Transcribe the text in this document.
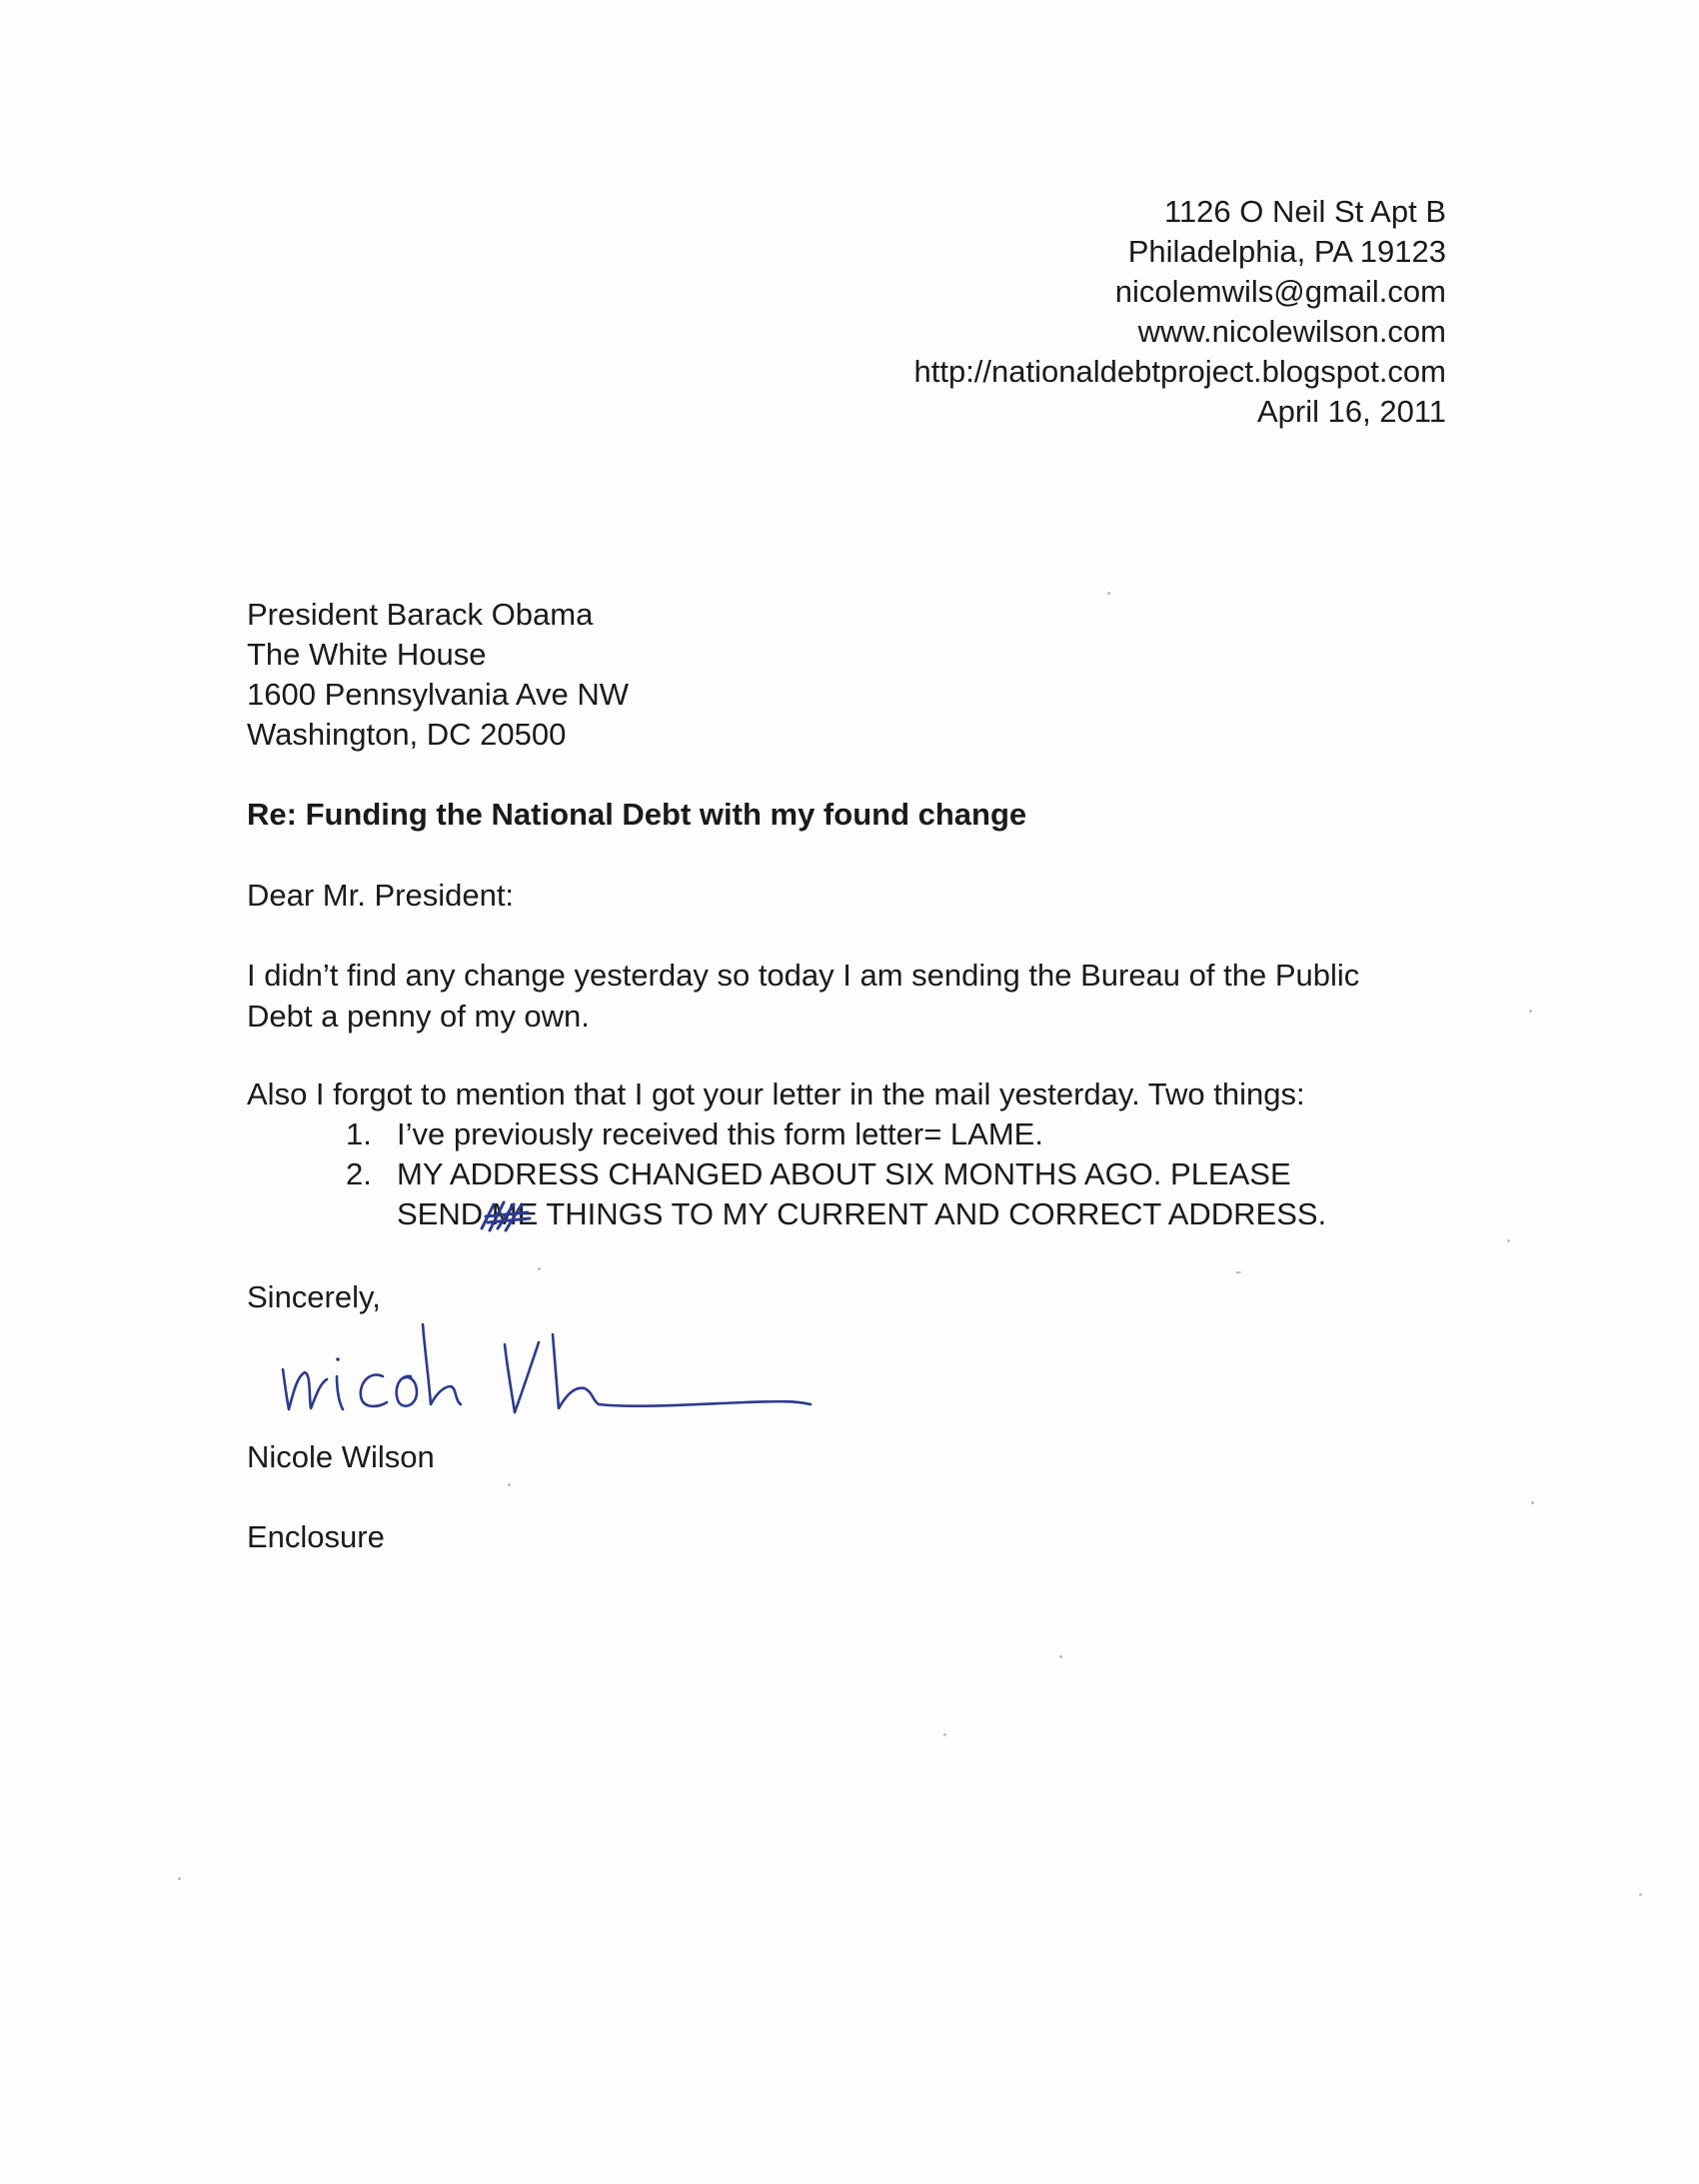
1126 O Neil St Apt B
Philadelphia, PA 19123
nicolemwils@gmail.com
www.nicolewilson.com
http://nationaldebtproject.blogspot.com
April 16, 2011
President Barack Obama
The White House
1600 Pennsylvania Ave NW
Washington, DC 20500
Re: Funding the National Debt with my found change
Dear Mr. President:
I didn’t find any change yesterday so today I am sending the Bureau of the Public
Debt a penny of my own.
Also I forgot to mention that I got your letter in the mail yesterday. Two things:
1. I’ve previously received this form letter= LAME.
2. MY ADDRESS CHANGED ABOUT SIX MONTHS AGO. PLEASE
SEND ME THINGS TO MY CURRENT AND CORRECT ADDRESS.
Sincerely,
Nicole Wilson
Enclosure
